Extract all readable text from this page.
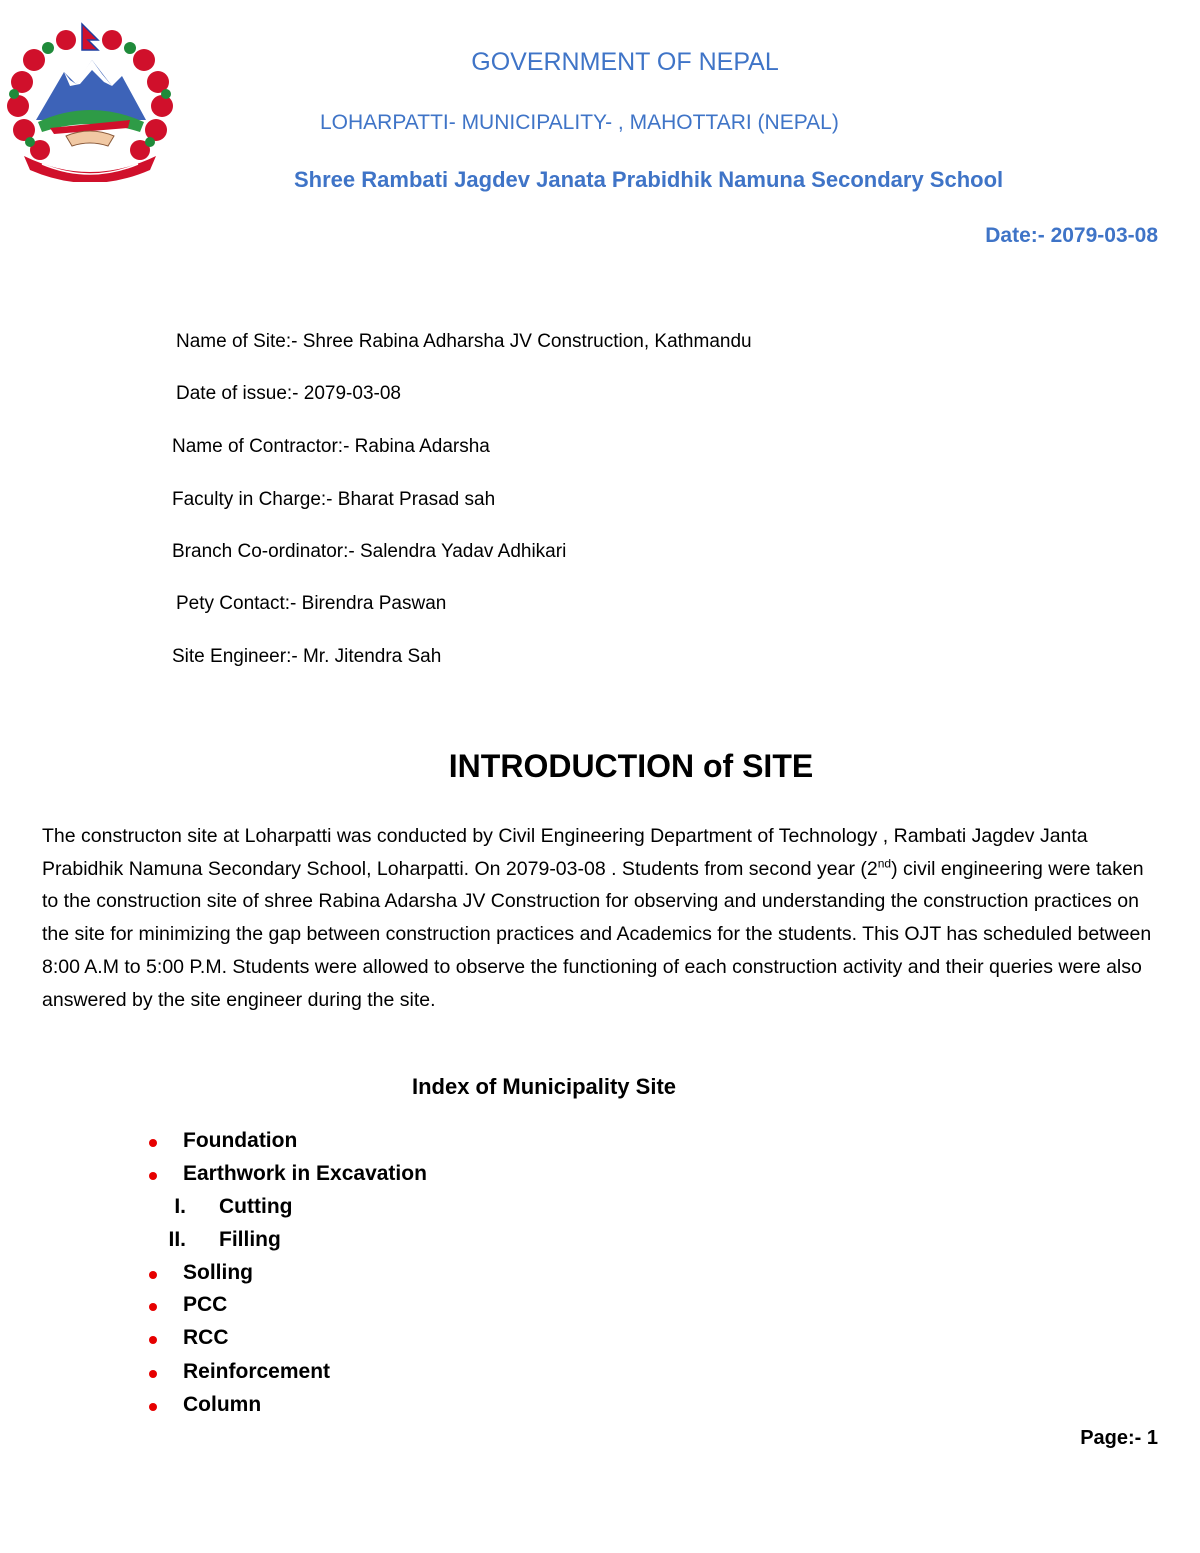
GOVERNMENT OF NEPAL
LOHARPATTI- MUNICIPALITY- , MAHOTTARI (NEPAL)
Shree Rambati Jagdev Janata Prabidhik Namuna Secondary School
Date:- 2079-03-08
Name of Site:- Shree Rabina Adharsha JV Construction, Kathmandu
Date of issue:- 2079-03-08
Name of Contractor:- Rabina Adarsha
Faculty in Charge:- Bharat Prasad sah
Branch Co-ordinator:- Salendra Yadav Adhikari
Pety Contact:- Birendra Paswan
Site Engineer:- Mr. Jitendra Sah
INTRODUCTION of SITE

The constructon site at Loharpatti was conducted by Civil Engineering Department of Technology , Rambati Jagdev Janta Prabidhik Namuna Secondary School, Loharpatti. On 2079-03-08 . Students from second year (2nd) civil engineering were taken to the construction site of shree Rabina Adarsha JV Construction for observing and understanding the construction practices on the site for minimizing the gap between construction practices and Academics for the students. This OJT has scheduled between 8:00 A.M to 5:00 P.M. Students were allowed to observe the functioning of each construction activity and their queries were also answered by the site engineer during the site.

Index of Municipality Site
Foundation
Earthwork in Excavation
I. Cutting
II. Filling
Solling
PCC
RCC
Reinforcement
Column
Page:- 1
